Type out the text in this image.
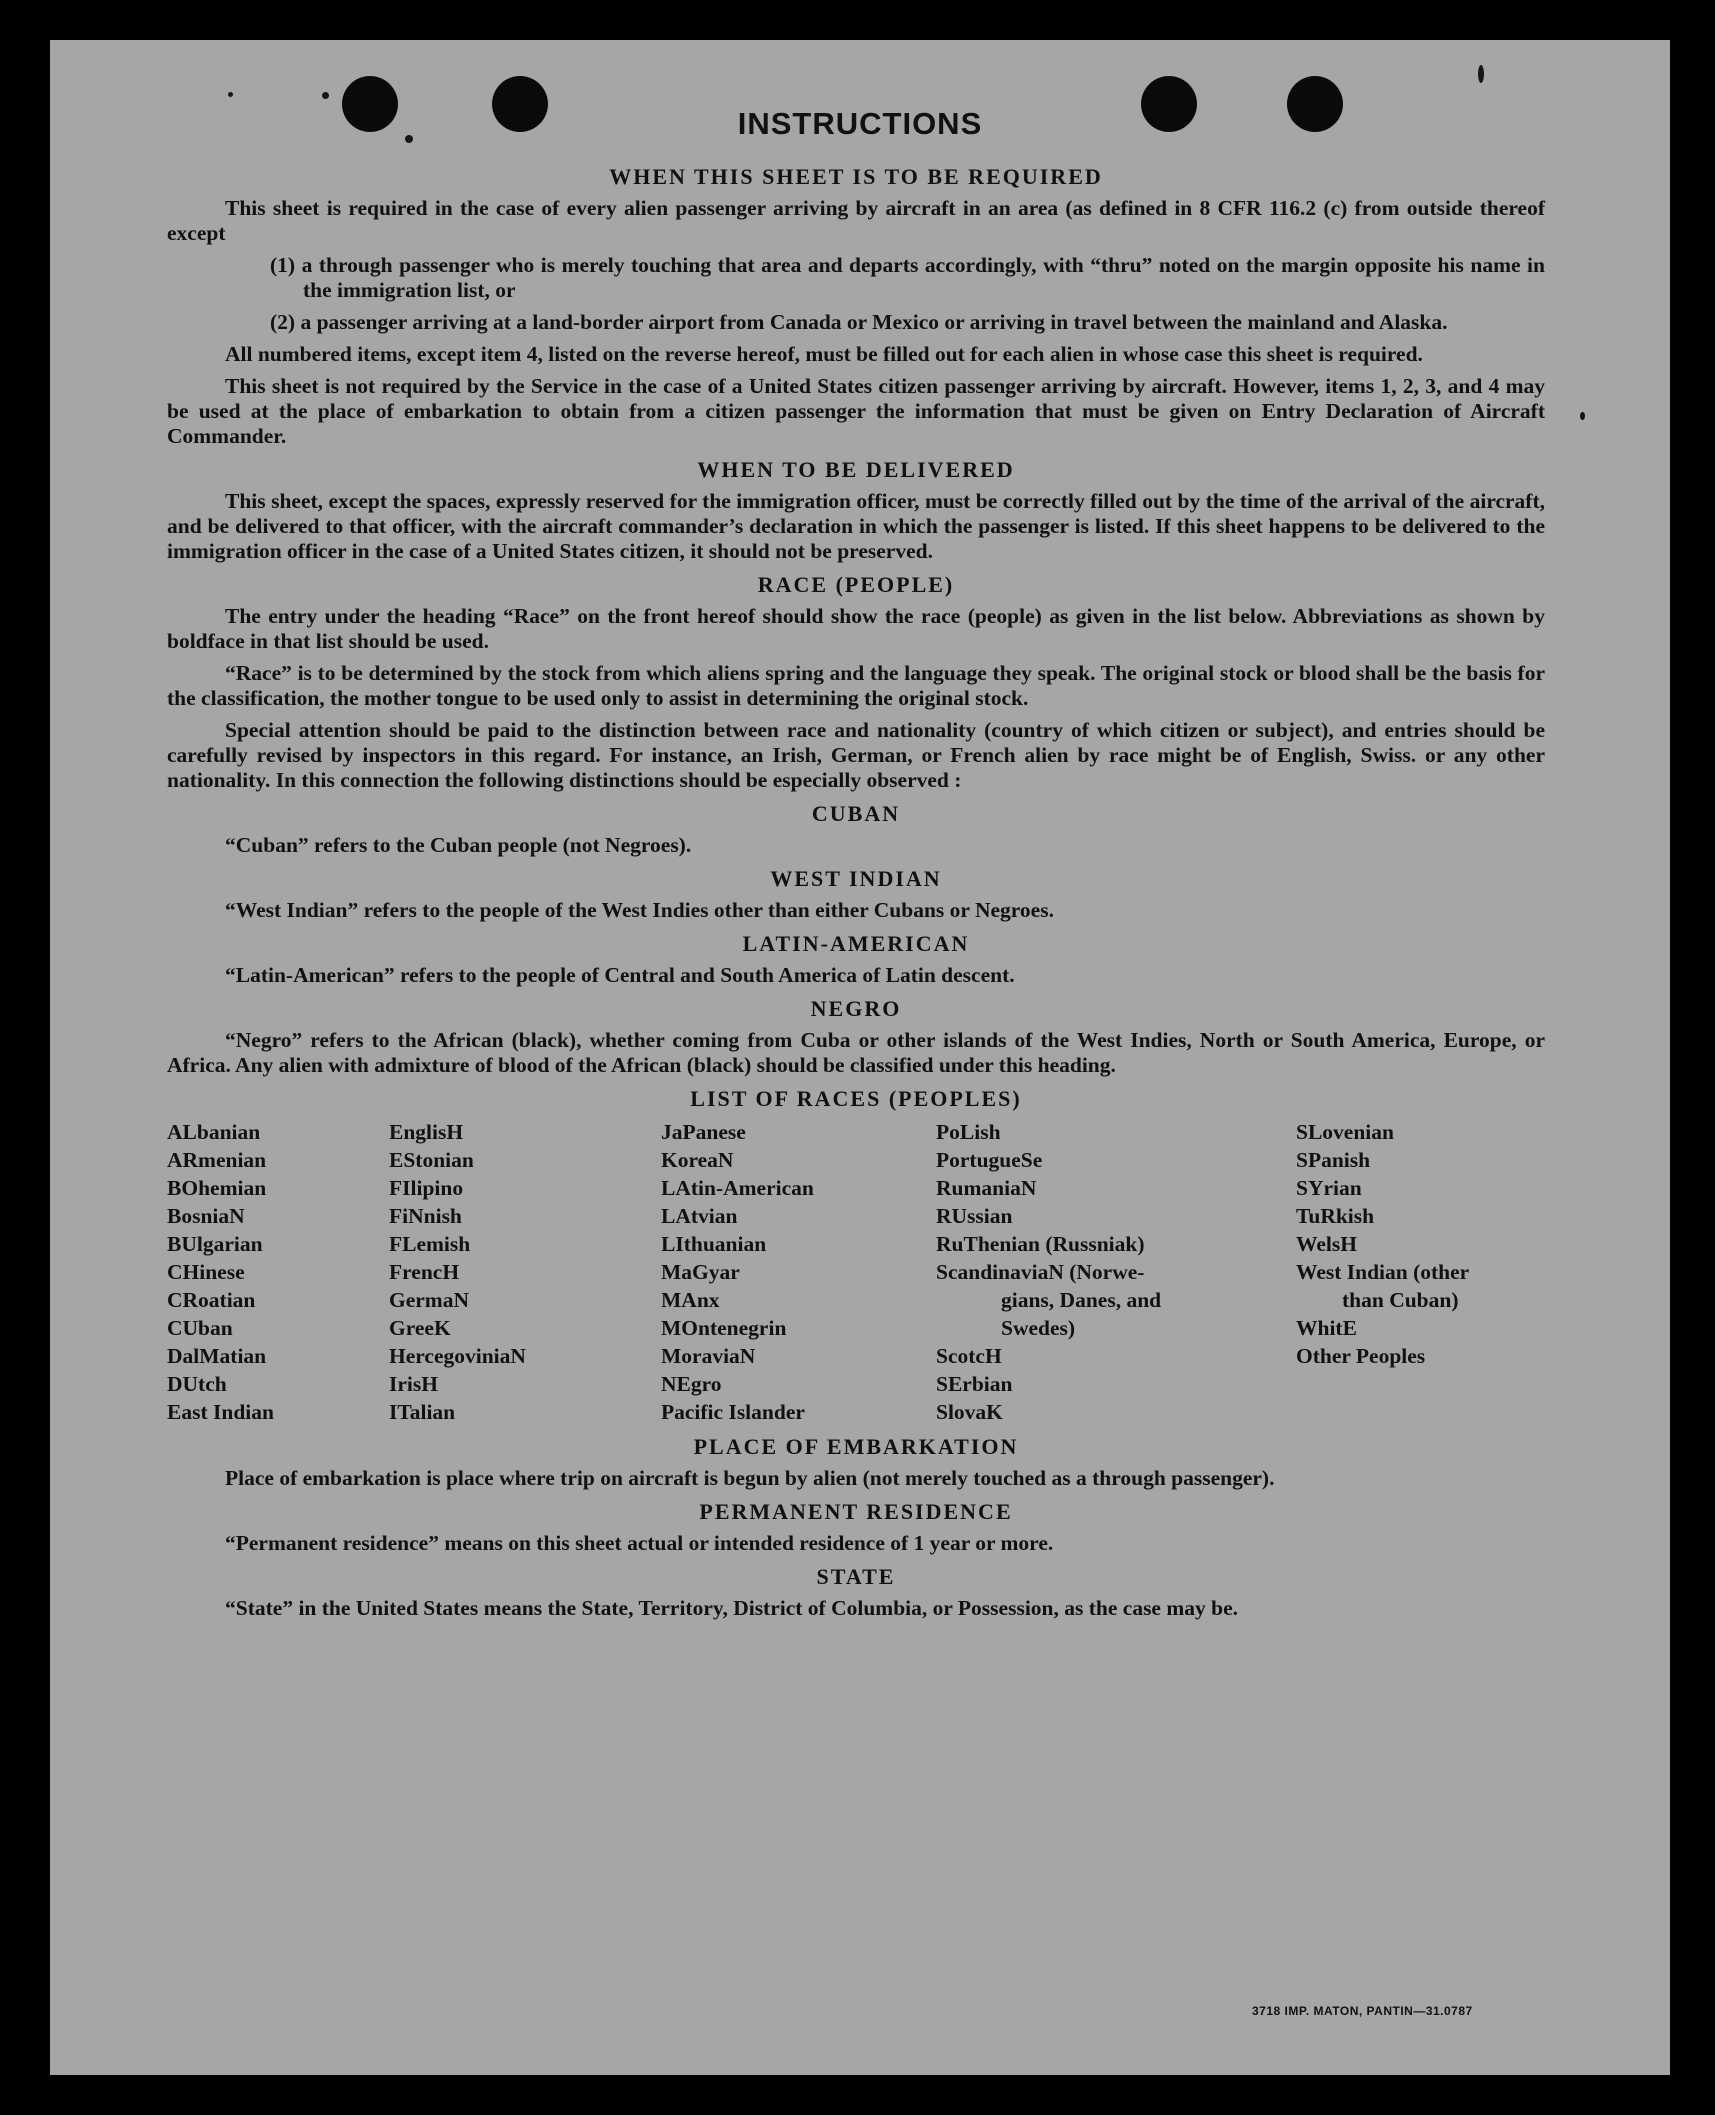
INSTRUCTIONS
WHEN THIS SHEET IS TO BE REQUIRED

This sheet is required in the case of every alien passenger arriving by aircraft in an area (as defined in 8 CFR 116.2 (c) from outside thereof except

(1) a through passenger who is merely touching that area and departs accordingly, with “thru” noted on the margin opposite his name in the immigration list, or

(2) a passenger arriving at a land-border airport from Canada or Mexico or arriving in travel between the mainland and Alaska.

All numbered items, except item 4, listed on the reverse hereof, must be filled out for each alien in whose case this sheet is required.

This sheet is not required by the Service in the case of a United States citizen passenger arriving by aircraft. However, items 1, 2, 3, and 4 may be used at the place of embarkation to obtain from a citizen passenger the information that must be given on Entry Declaration of Aircraft Commander.

WHEN TO BE DELIVERED

This sheet, except the spaces, expressly reserved for the immigration officer, must be correctly filled out by the time of the arrival of the aircraft, and be delivered to that officer, with the aircraft commander’s declaration in which the passenger is listed. If this sheet happens to be delivered to the immigration officer in the case of a United States citizen, it should not be preserved.

RACE (PEOPLE)

The entry under the heading “Race” on the front hereof should show the race (people) as given in the list below. Abbreviations as shown by boldface in that list should be used.

“Race” is to be determined by the stock from which aliens spring and the language they speak. The original stock or blood shall be the basis for the classification, the mother tongue to be used only to assist in determining the original stock.

Special attention should be paid to the distinction between race and nationality (country of which citizen or subject), and entries should be carefully revised by inspectors in this regard. For instance, an Irish, German, or French alien by race might be of English, Swiss. or any other nationality. In this connection the following distinctions should be especially observed :

CUBAN

“Cuban” refers to the Cuban people (not Negroes).

WEST INDIAN

“West Indian” refers to the people of the West Indies other than either Cubans or Negroes.

LATIN-AMERICAN

“Latin-American” refers to the people of Central and South America of Latin descent.

NEGRO

“Negro” refers to the African (black), whether coming from Cuba or other islands of the West Indies, North or South America, Europe, or Africa. Any alien with admixture of blood of the African (black) should be classified under this heading.

LIST OF RACES (PEOPLES)
ALbanian
ARmenian
BOhemian
BosniaN
BUlgarian
CHinese
CRoatian
CUban
DalMatian
DUtch
East Indian
EnglisH
EStonian
FIlipino
FiNnish
FLemish
FrencH
GermaN
GreeK
HercegoviniaN
IrisH
ITalian
JaPanese
KoreaN
LAtin-American
LAtvian
LIthuanian
MaGyar
MAnx
MOntenegrin
MoraviaN
NEgro
Pacific Islander
PoLish
PortugueSe
RumaniaN
RUssian
RuThenian (Russniak)
ScandinaviaN (Norwe-
gians, Danes, and
Swedes)
ScotcH
SErbian
SlovaK
SLovenian
SPanish
SYrian
TuRkish
WelsH
West Indian (other
than Cuban)
WhitE
Other Peoples
PLACE OF EMBARKATION

Place of embarkation is place where trip on aircraft is begun by alien (not merely touched as a through passenger).

PERMANENT RESIDENCE

“Permanent residence” means on this sheet actual or intended residence of 1 year or more.

STATE

“State” in the United States means the State, Territory, District of Columbia, or Possession, as the case may be.

3718 IMP. MATON, PANTIN—31.0787
